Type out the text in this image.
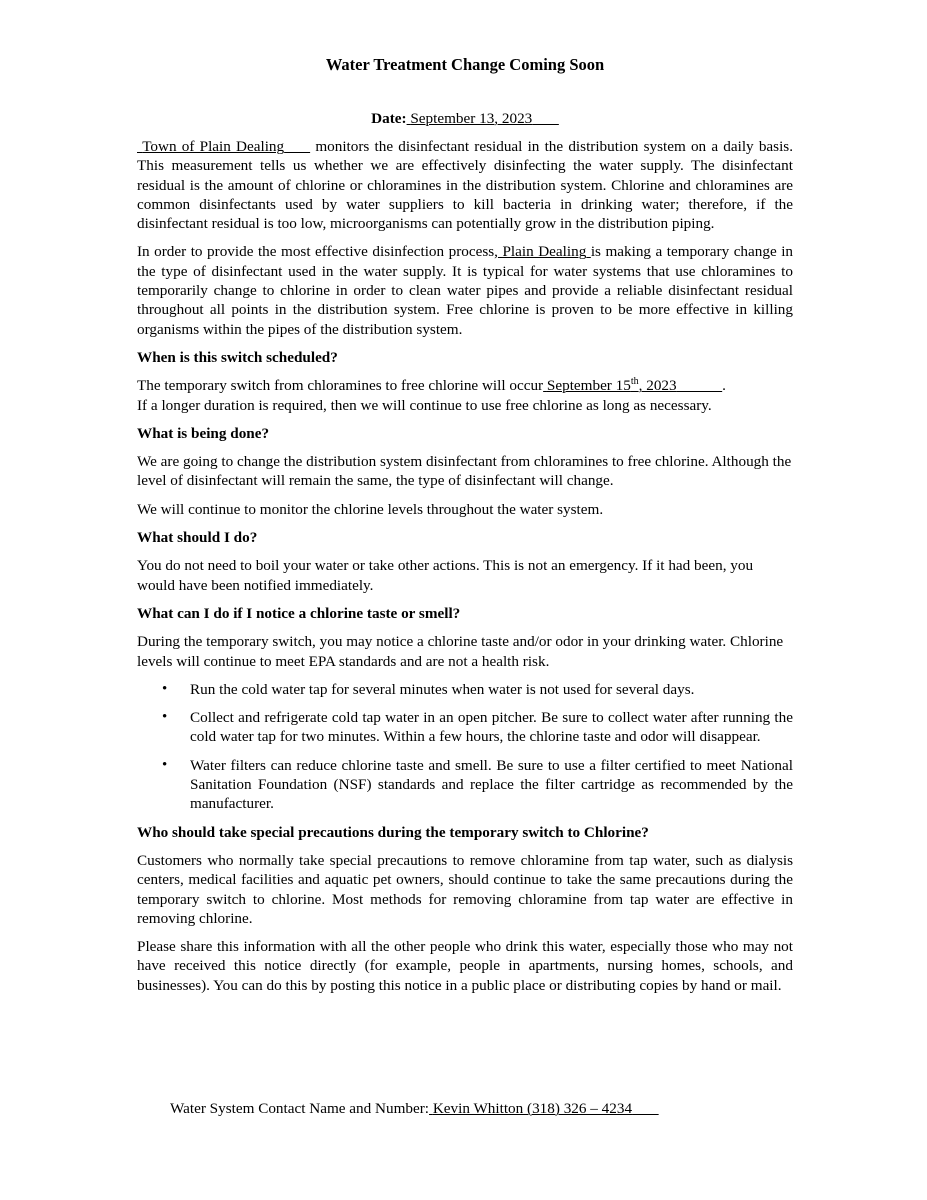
Water Treatment Change Coming Soon
Date: September 13, 2023

Town of Plain Dealing monitors the disinfectant residual in the distribution system on a daily basis. This measurement tells us whether we are effectively disinfecting the water supply. The disinfectant residual is the amount of chlorine or chloramines in the distribution system. Chlorine and chloramines are common disinfectants used by water suppliers to kill bacteria in drinking water; therefore, if the disinfectant residual is too low, microorganisms can potentially grow in the distribution piping.

In order to provide the most effective disinfection process, Plain Dealing is making a temporary change in the type of disinfectant used in the water supply. It is typical for water systems that use chloramines to temporarily change to chlorine in order to clean water pipes and provide a reliable disinfectant residual throughout all points in the distribution system. Free chlorine is proven to be more effective in killing organisms within the pipes of the distribution system.

When is this switch scheduled?

The temporary switch from chloramines to free chlorine will occur September 15th, 2023	.
If a longer duration is required, then we will continue to use free chlorine as long as necessary.

What is being done?

We are going to change the distribution system disinfectant from chloramines to free chlorine. Although the level of disinfectant will remain the same, the type of disinfectant will change.

We will continue to monitor the chlorine levels throughout the water system.

What should I do?

You do not need to boil your water or take other actions. This is not an emergency. If it had been, you would have been notified immediately.

What can I do if I notice a chlorine taste or smell?

During the temporary switch, you may notice a chlorine taste and/or odor in your drinking water. Chlorine levels will continue to meet EPA standards and are not a health risk.

• Run the cold water tap for several minutes when water is not used for several days.
• Collect and refrigerate cold tap water in an open pitcher. Be sure to collect water after running the cold water tap for two minutes. Within a few hours, the chlorine taste and odor will disappear.
• Water filters can reduce chlorine taste and smell. Be sure to use a filter certified to meet National Sanitation Foundation (NSF) standards and replace the filter cartridge as recommended by the manufacturer.
Who should take special precautions during the temporary switch to Chlorine?

Customers who normally take special precautions to remove chloramine from tap water, such as dialysis centers, medical facilities and aquatic pet owners, should continue to take the same precautions during the temporary switch to chlorine. Most methods for removing chloramine from tap water are effective in removing chlorine.

Please share this information with all the other people who drink this water, especially those who may not have received this notice directly (for example, people in apartments, nursing homes, schools, and businesses). You can do this by posting this notice in a public place or distributing copies by hand or mail.

Water System Contact Name and Number: Kevin Whitton (318) 326 – 4234
